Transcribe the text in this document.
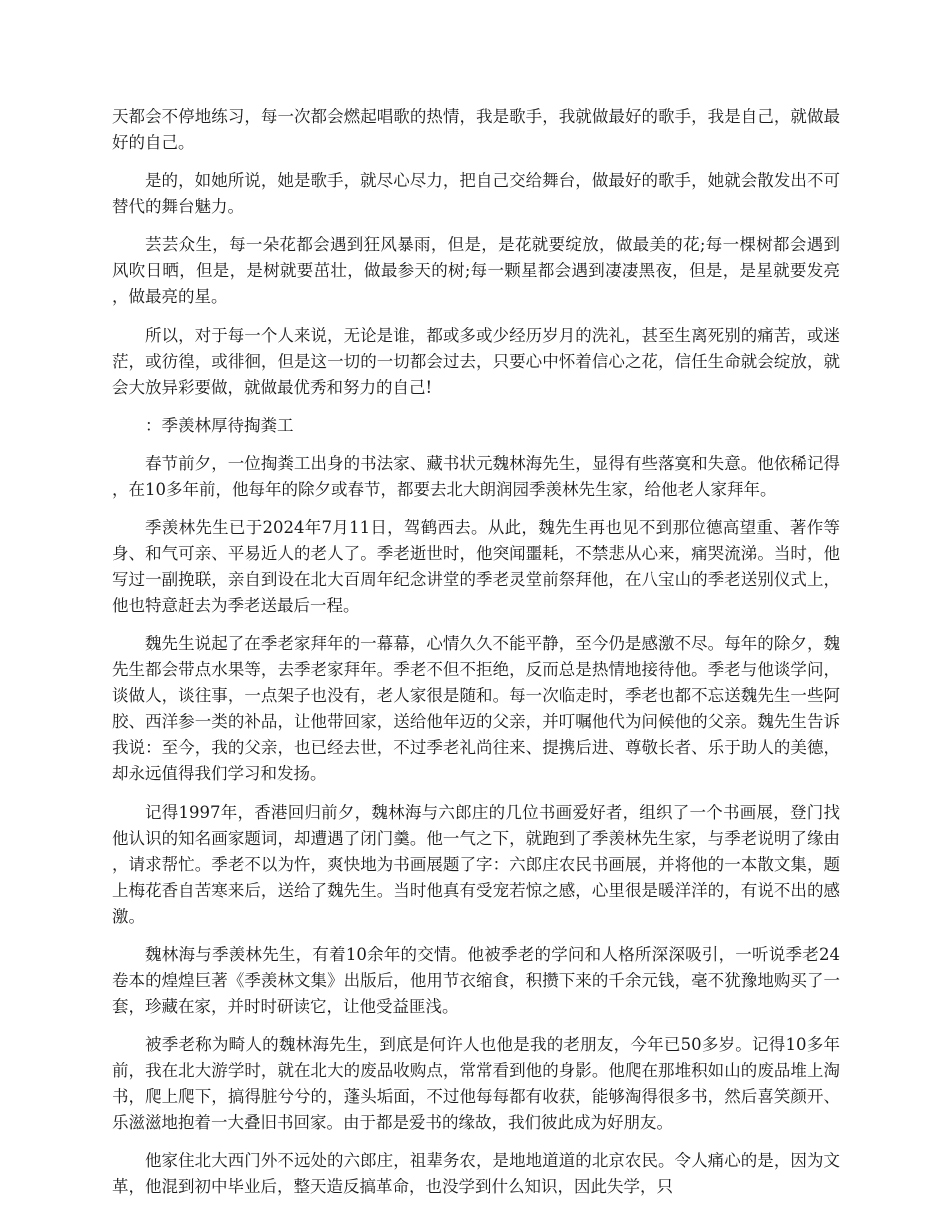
天都会不停地练习，每一次都会燃起唱歌的热情，我是歌手，我就做最好的歌手，我是自己，就做最好的自己。

是的，如她所说，她是歌手，就尽心尽力，把自己交给舞台，做最好的歌手，她就会散发出不可替代的舞台魅力。

芸芸众生，每一朵花都会遇到狂风暴雨，但是，是花就要绽放，做最美的花;每一棵树都会遇到风吹日晒，但是，是树就要茁壮，做最参天的树;每一颗星都会遇到凄凄黑夜，但是，是星就要发亮，做最亮的星。

所以，对于每一个人来说，无论是谁，都或多或少经历岁月的洗礼，甚至生离死别的痛苦，或迷茫，或彷徨，或徘徊，但是这一切的一切都会过去，只要心中怀着信心之花，信任生命就会绽放，就会大放异彩要做，就做最优秀和努力的自己!

：季羡林厚待掏粪工

春节前夕，一位掏粪工出身的书法家、藏书状元魏林海先生，显得有些落寞和失意。他依稀记得，在10多年前，他每年的除夕或春节，都要去北大朗润园季羡林先生家，给他老人家拜年。

季羡林先生已于2024年7月11日，驾鹤西去。从此，魏先生再也见不到那位德高望重、著作等身、和气可亲、平易近人的老人了。季老逝世时，他突闻噩耗，不禁悲从心来，痛哭流涕。当时，他写过一副挽联，亲自到设在北大百周年纪念讲堂的季老灵堂前祭拜他，在八宝山的季老送别仪式上，他也特意赶去为季老送最后一程。

魏先生说起了在季老家拜年的一幕幕，心情久久不能平静，至今仍是感激不尽。每年的除夕，魏先生都会带点水果等，去季老家拜年。季老不但不拒绝，反而总是热情地接待他。季老与他谈学问，谈做人，谈往事，一点架子也没有，老人家很是随和。每一次临走时，季老也都不忘送魏先生一些阿胶、西洋参一类的补品，让他带回家，送给他年迈的父亲，并叮嘱他代为问候他的父亲。魏先生告诉我说：至今，我的父亲，也已经去世，不过季老礼尚往来、提携后进、尊敬长者、乐于助人的美德，却永远值得我们学习和发扬。

记得1997年，香港回归前夕，魏林海与六郎庄的几位书画爱好者，组织了一个书画展，登门找他认识的知名画家题词，却遭遇了闭门羹。他一气之下，就跑到了季羡林先生家，与季老说明了缘由，请求帮忙。季老不以为忤，爽快地为书画展题了字：六郎庄农民书画展，并将他的一本散文集，题上梅花香自苦寒来后，送给了魏先生。当时他真有受宠若惊之感，心里很是暖洋洋的，有说不出的感激。

魏林海与季羡林先生，有着10余年的交情。他被季老的学问和人格所深深吸引，一听说季老24卷本的煌煌巨著《季羡林文集》出版后，他用节衣缩食，积攒下来的千余元钱，毫不犹豫地购买了一套，珍藏在家，并时时研读它，让他受益匪浅。

被季老称为畸人的魏林海先生，到底是何许人也他是我的老朋友，今年已50多岁。记得10多年前，我在北大游学时，就在北大的废品收购点，常常看到他的身影。他爬在那堆积如山的废品堆上淘书，爬上爬下，搞得脏兮兮的，蓬头垢面，不过他每每都有收获，能够淘得很多书，然后喜笑颜开、乐滋滋地抱着一大叠旧书回家。由于都是爱书的缘故，我们彼此成为好朋友。

他家住北大西门外不远处的六郎庄，祖辈务农，是地地道道的北京农民。令人痛心的是，因为文革，他混到初中毕业后，整天造反搞革命，也没学到什么知识，因此失学，只
